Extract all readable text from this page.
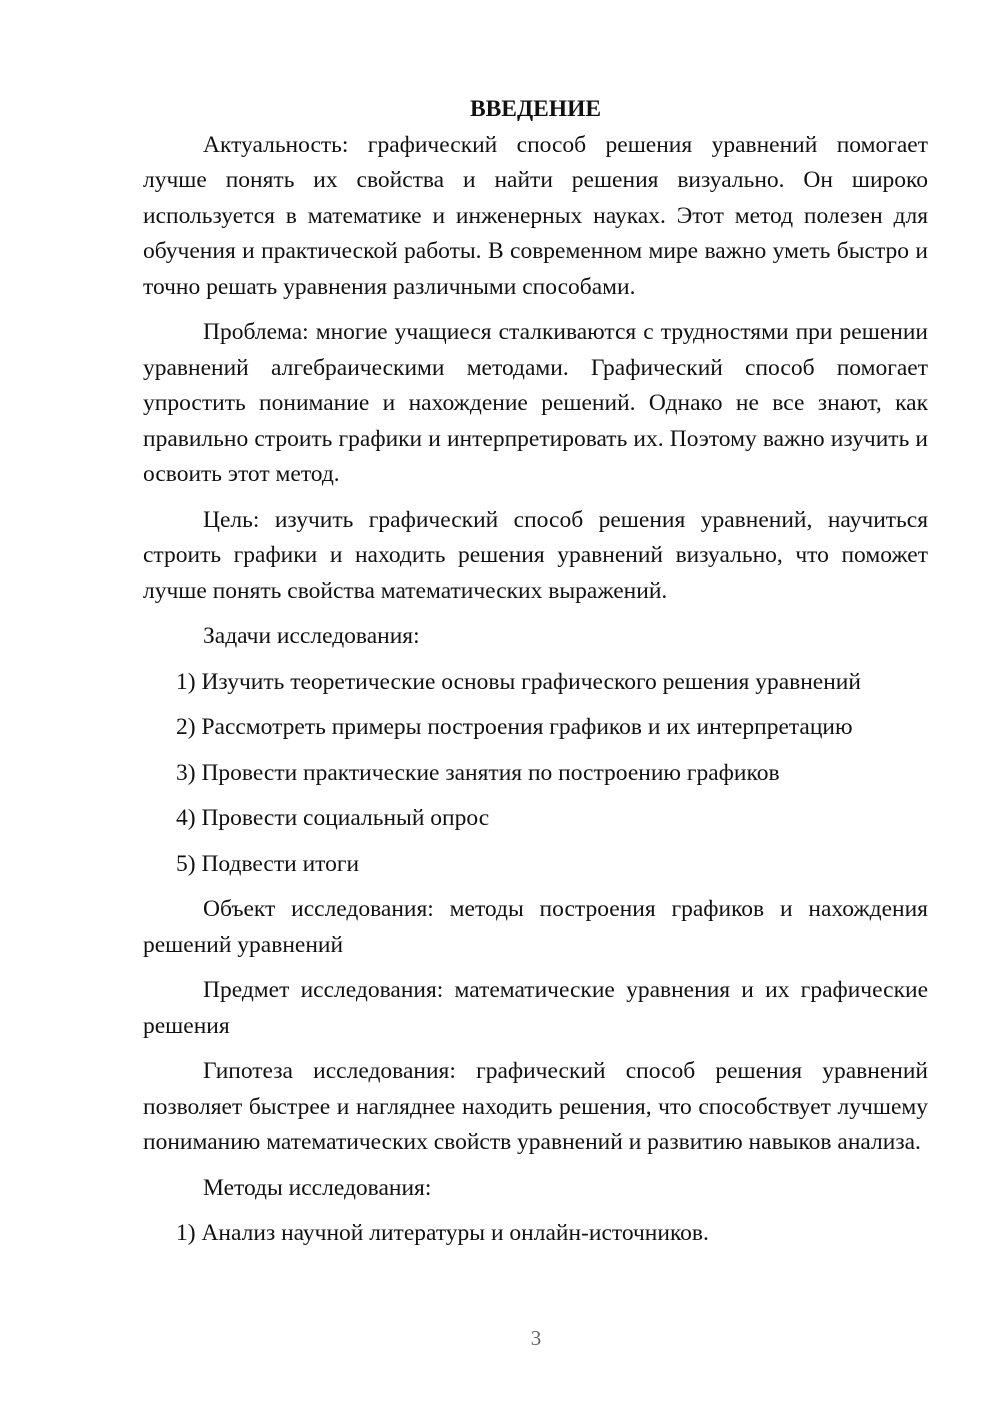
ВВЕДЕНИЕ

Актуальность: графический способ решения уравнений помогает лучше понять их свойства и найти решения визуально. Он широко используется в математике и инженерных науках. Этот метод полезен для обучения и практической работы. В современном мире важно уметь быстро и точно решать уравнения различными способами.

Проблема: многие учащиеся сталкиваются с трудностями при решении уравнений алгебраическими методами. Графический способ помогает упростить понимание и нахождение решений. Однако не все знают, как правильно строить графики и интерпретировать их. Поэтому важно изучить и освоить этот метод.

Цель: изучить графический способ решения уравнений, научиться строить графики и находить решения уравнений визуально, что поможет лучше понять свойства математических выражений.

Задачи исследования:

1) Изучить теоретические основы графического решения уравнений
2) Рассмотреть примеры построения графиков и их интерпретацию
3) Провести практические занятия по построению графиков
4) Провести социальный опрос
5) Подвести итоги

Объект исследования: методы построения графиков и нахождения решений уравнений

Предмет исследования: математические уравнения и их графические решения

Гипотеза исследования: графический способ решения уравнений позволяет быстрее и нагляднее находить решения, что способствует лучшему пониманию математических свойств уравнений и развитию навыков анализа.

Методы исследования:

1) Анализ научной литературы и онлайн-источников.
3
